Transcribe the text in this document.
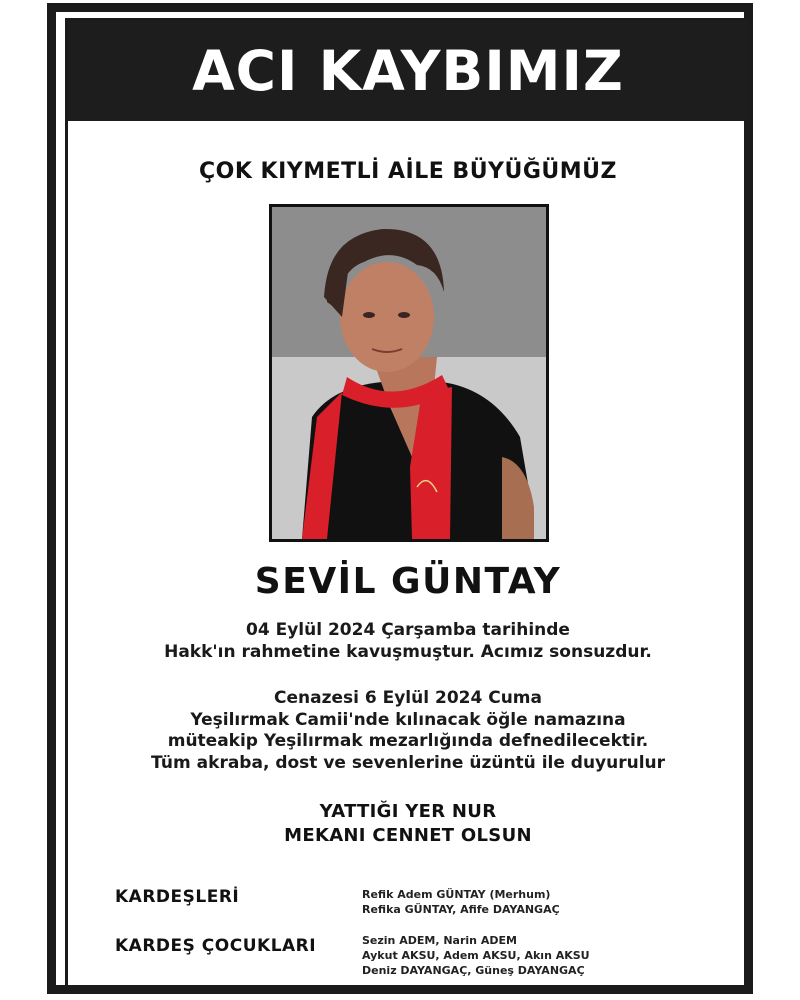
ACI KAYBIMIZ
ÇOK KIYMETLİ AİLE BÜYÜĞÜMÜZ
SEVİL GÜNTAY
04 Eylül 2024 Çarşamba tarihinde
Hakk'ın rahmetine kavuşmuştur. Acımız sonsuzdur.
Cenazesi 6 Eylül 2024 Cuma
Yeşilırmak Camii'nde kılınacak öğle namazına
müteakip Yeşilırmak mezarlığında defnedilecektir.
Tüm akraba, dost ve sevenlerine üzüntü ile duyurulur
YATTIĞI YER NUR
MEKANI CENNET OLSUN
KARDEŞLERİ	Refik Adem GÜNTAY (Merhum)
Refika GÜNTAY, Afife DAYANGAÇ
KARDEŞ ÇOCUKLARI	Sezin ADEM, Narin ADEM
Aykut AKSU, Adem AKSU, Akın AKSU
Deniz DAYANGAÇ, Güneş DAYANGAÇ
